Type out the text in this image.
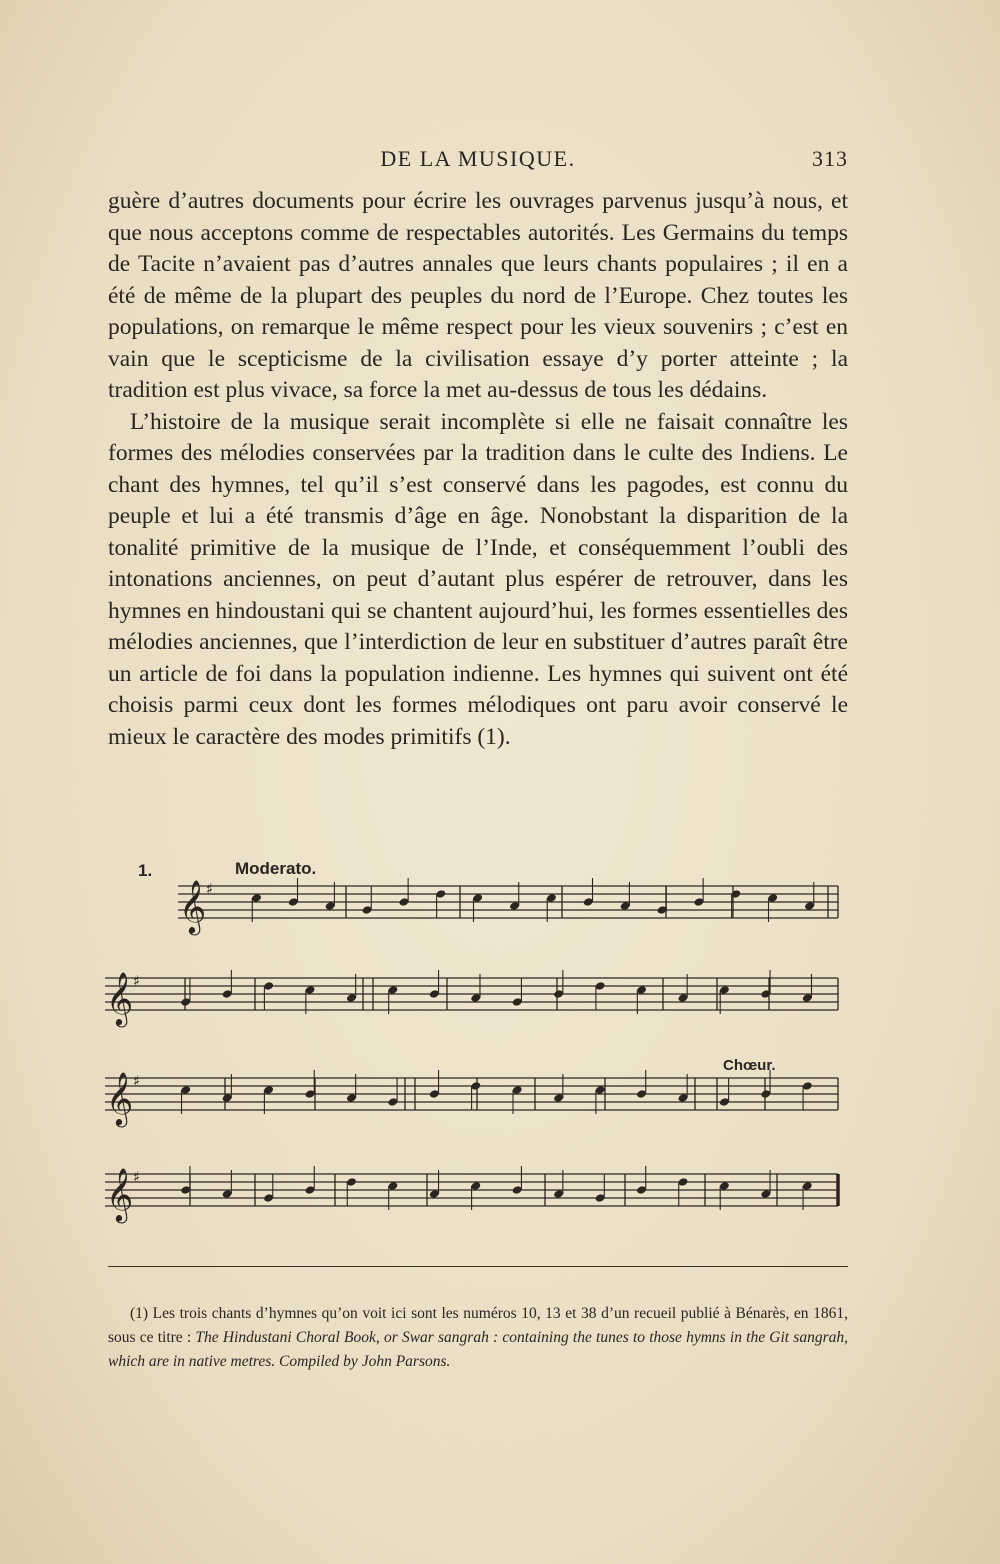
DE LA MUSIQUE.	313

guère d’autres documents pour écrire les ouvrages parvenus jusqu’à nous, et que nous acceptons comme de respectables autorités. Les Germains du temps de Tacite n’avaient pas d’autres annales que leurs chants populaires ; il en a été de même de la plupart des peuples du nord de l’Europe. Chez toutes les populations, on remarque le même respect pour les vieux souvenirs ; c’est en vain que le scepticisme de la civilisation essaye d’y porter atteinte ; la tradition est plus vivace, sa force la met au-dessus de tous les dédains.

L’histoire de la musique serait incomplète si elle ne faisait connaître les formes des mélodies conservées par la tradition dans le culte des Indiens. Le chant des hymnes, tel qu’il s’est conservé dans les pagodes, est connu du peuple et lui a été transmis d’âge en âge. Nonobstant la disparition de la tonalité primitive de la musique de l’Inde, et conséquemment l’oubli des intonations anciennes, on peut d’autant plus espérer de retrouver, dans les hymnes en hindoustani qui se chantent aujourd’hui, les formes essentielles des mélodies anciennes, que l’interdiction de leur en substituer d’autres paraît être un article de foi dans la population indienne. Les hymnes qui suivent ont été choisis parmi ceux dont les formes mélodiques ont paru avoir conservé le mieux le caractère des modes primitifs (1).

1.	Moderato.
Chœur.
𝄞 ♯
𝄞 ♯
𝄞 ♯
𝄞 ♯
(1) Les trois chants d’hymnes qu’on voit ici sont les numéros 10, 13 et 38 d’un recueil publié à Bénarès, en 1861, sous ce titre : The Hindustani Choral Book, or Swar sangrah : containing the tunes to those hymns in the Git sangrah, which are in native metres. Compiled by John Parsons.
